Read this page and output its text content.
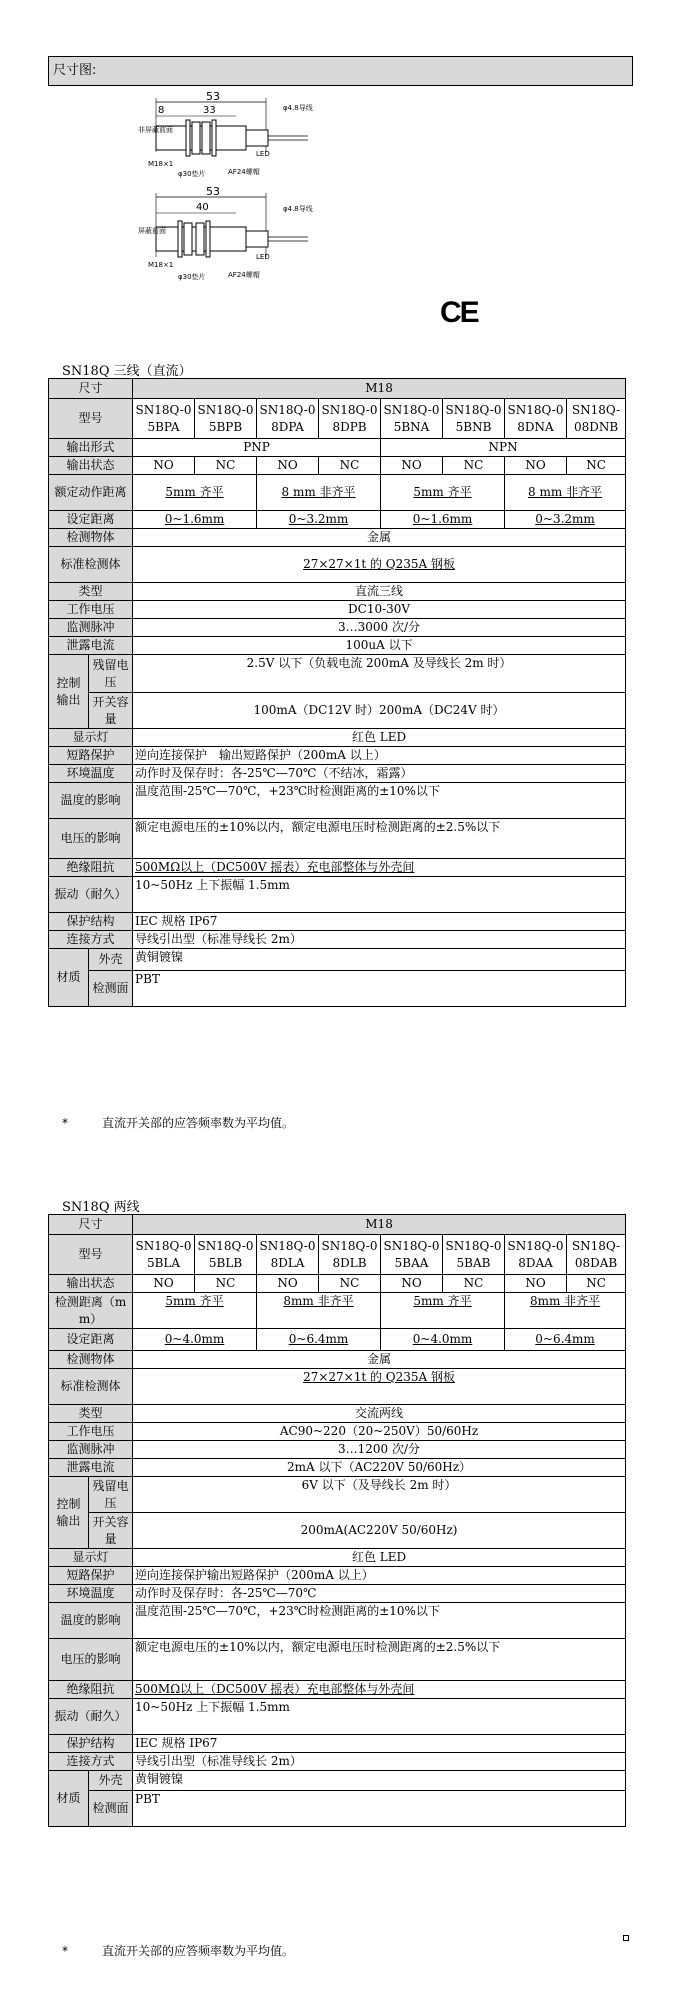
尺寸图:
53
8	33	φ4.8导线
非屏蔽前面
M18×1
φ30垫片	AF24螺帽
LED
53
40	φ4.8导线
屏蔽前面
M18×1
φ30垫片	AF24螺帽
LED
CE
SN18Q 三线（直流）
尺寸		M18							
型号		SN18Q-05BPA	SN18Q-05BPB	SN18Q-08DPA	SN18Q-08DPB	SN18Q-05BNA	SN18Q-05BNB	SN18Q-08DNA	SN18Q-08DNB
输出形式		PNP				NPN			
输出状态		NO	NC	NO	NC	NO	NC	NO	NC
额定动作距离		5mm 齐平		8 mm 非齐平		5mm 齐平		8 mm 非齐平	
设定距离		0~1.6mm		0~3.2mm		0~1.6mm		0~3.2mm	
检测物体		金属							
标准检测体		27×27×1t 的 Q235A 钢板							
类型		直流三线							
工作电压		DC10-30V							
监测脉冲		3…3000 次/分							
泄露电流		100uA 以下							
控制输出	残留电压	2.5V 以下（负载电流 200mA 及导线长 2m 时）							
	开关容量	100mA（DC12V 时）200mA（DC24V 时）							
显示灯		红色 LED							
短路保护		逆向连接保护　输出短路保护（200mA 以上）							
环境温度		动作时及保存时：各-25℃—70℃（不结冰，霜露）							
温度的影响		温度范围-25℃—70℃，+23℃时检测距离的±10%以下							
电压的影响		额定电源电压的±10%以内，额定电源电压时检测距离的±2.5%以下							
绝缘阻抗		500MΩ以上（DC500V 摇表）充电部整体与外壳间							
振动（耐久）		10~50Hz 上下振幅 1.5mm							
保护结构		IEC 规格 IP67							
连接方式		导线引出型（标准导线长 2m）							
材质	外壳	黄铜镀镍							
	检测面	PBT							
*	直流开关部的应答频率数为平均值。
SN18Q 两线
尺寸		M18							
型号		SN18Q-05BLA	SN18Q-05BLB	SN18Q-08DLA	SN18Q-08DLB	SN18Q-05BAA	SN18Q-05BAB	SN18Q-08DAA	SN18Q-08DAB
输出状态		NO	NC	NO	NC	NO	NC	NO	NC
检测距离（mm）		5mm 齐平		8mm 非齐平		5mm 齐平		8mm 非齐平	
设定距离		0~4.0mm		0~6.4mm		0~4.0mm		0~6.4mm	
检测物体		金属							
标准检测体		27×27×1t 的 Q235A 钢板							
类型		交流两线							
工作电压		AC90~220（20~250V）50/60Hz							
监测脉冲		3…1200 次/分							
泄露电流		2mA 以下（AC220V 50/60Hz）							
控制输出	残留电压	6V 以下（及导线长 2m 时）							
	开关容量	200mA(AC220V 50/60Hz)							
显示灯		红色 LED							
短路保护		逆向连接保护输出短路保护（200mA 以上）							
环境温度		动作时及保存时：各-25℃—70℃							
温度的影响		温度范围-25℃—70℃，+23℃时检测距离的±10%以下							
电压的影响		额定电源电压的±10%以内，额定电源电压时检测距离的±2.5%以下							
绝缘阻抗		500MΩ以上（DC500V 摇表）充电部整体与外壳间							
振动（耐久）		10~50Hz 上下振幅 1.5mm							
保护结构		IEC 规格 IP67							
连接方式		导线引出型（标准导线长 2m）							
材质	外壳	黄铜镀镍							
	检测面	PBT							
*	直流开关部的应答频率数为平均值。
